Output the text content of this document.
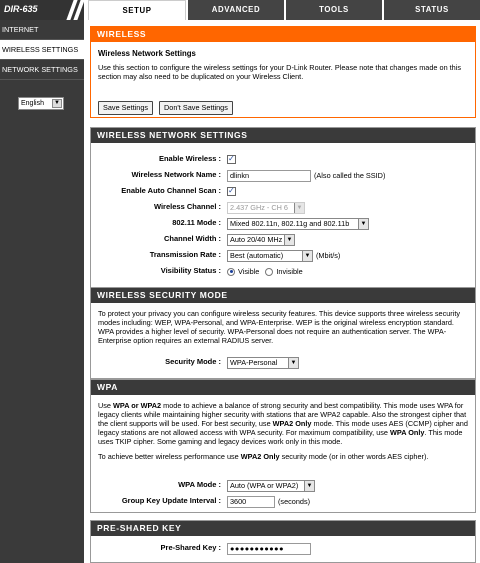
DIR-635	SETUP	ADVANCED	TOOLS	STATUS
INTERNET
WIRELESS SETTINGS
NETWORK SETTINGS
English	▼
WIRELESS
Wireless Network Settings
Use this section to configure the wireless settings for your D-Link Router. Please note that changes made on this section may also need to be duplicated on your Wireless Client.
Save Settings	Don't Save Settings
WIRELESS NETWORK SETTINGS
Enable Wireless :
✓
Wireless Network Name :	dlinkn	(Also called the SSID)
Enable Auto Channel Scan :
✓
Wireless Channel :	2.437 GHz - CH 6	▼
802.11 Mode :	Mixed 802.11n, 802.11g and 802.11b	▼
Channel Width :	Auto 20/40 MHz ▼
Transmission Rate :	Best (automatic)	▼ (Mbit/s)
Visibility Status : Visible Invisible
WIRELESS SECURITY MODE
To protect your privacy you can configure wireless security features. This device supports three wireless security modes including: WEP, WPA-Personal, and WPA-Enterprise. WEP is the original wireless encryption standard. WPA provides a higher level of security. WPA-Personal does not require an authentication server. The WPA-Enterprise option requires an external RADIUS server.
Security Mode :	WPA-Personal	▼
WPA
Use WPA or WPA2 mode to achieve a balance of strong security and best compatibility. This mode uses WPA for legacy clients while maintaining higher security with stations that are WPA2 capable. Also the strongest cipher that the client supports will be used. For best security, use WPA2 Only mode. This mode uses AES (CCMP) cipher and legacy stations are not allowed access with WPA security. For maximum compatibility, use WPA Only. This mode uses TKIP cipher. Some gaming and legacy devices work only in this mode.
To achieve better wireless performance use WPA2 Only security mode (or in other words AES cipher).
WPA Mode :	Auto (WPA or WPA2)	▼
Group Key Update Interval :	3600	(seconds)
PRE-SHARED KEY
Pre-Shared Key :	●●●●●●●●●●●
